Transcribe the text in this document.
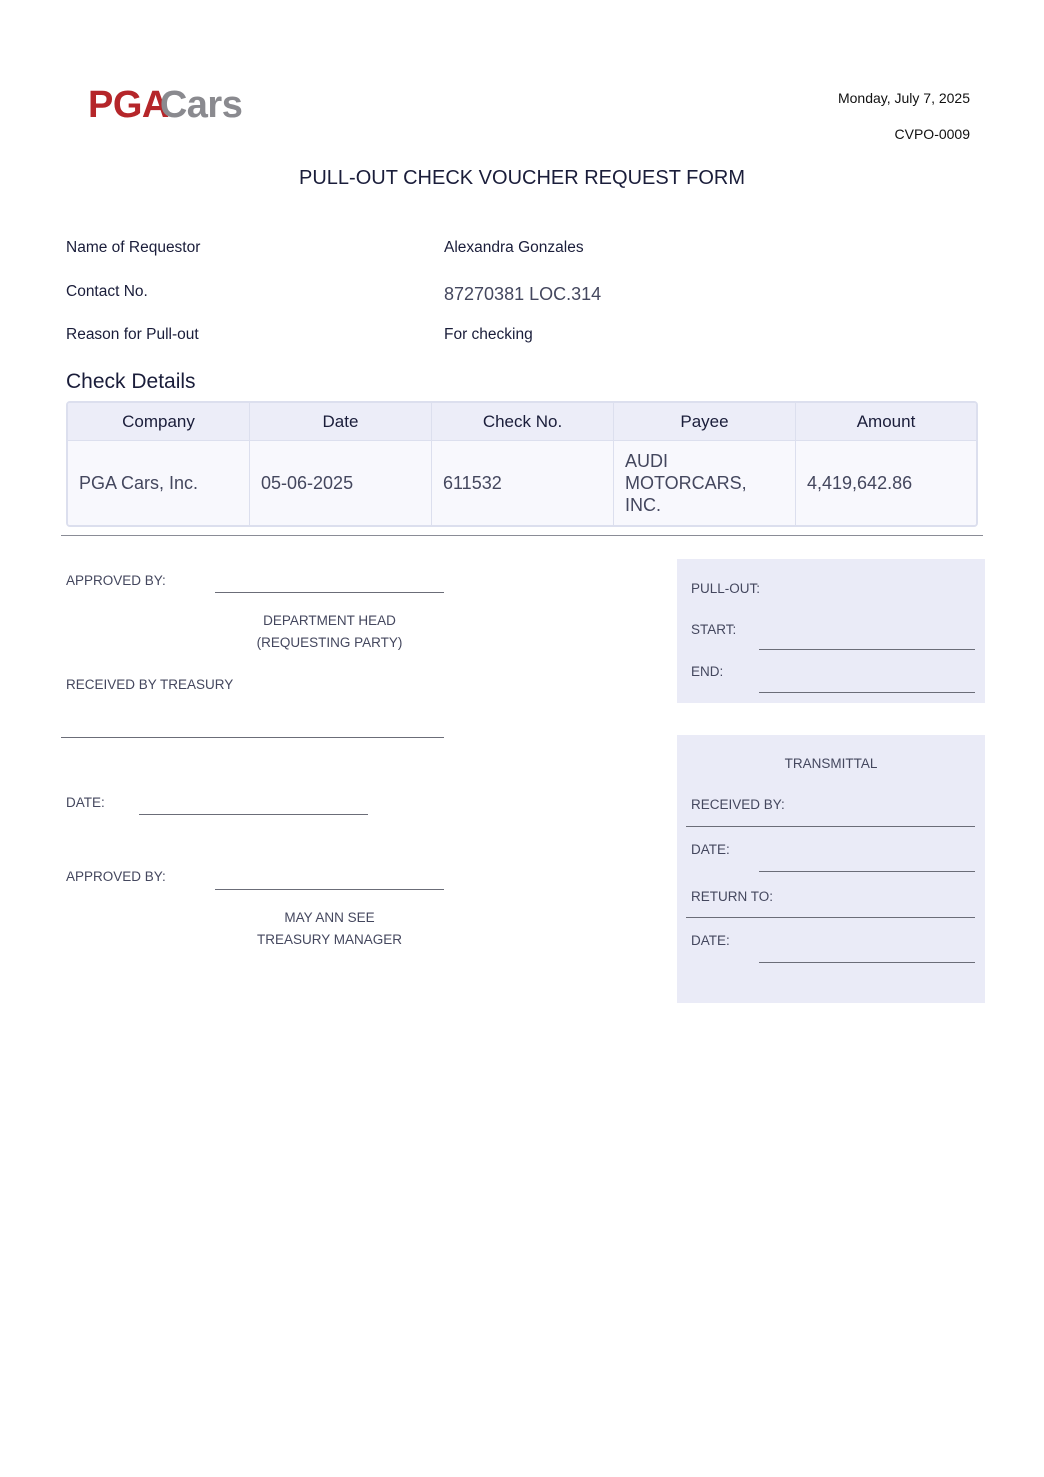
PGACars	Monday, July 7, 2025
CVPO-0009
PULL-OUT CHECK VOUCHER REQUEST FORM
Name of Requestor	Alexandra Gonzales
Contact No.	87270381 LOC.314
Reason for Pull-out	For checking
Check Details
Company	Date	Check No.	Payee	Amount
PGA Cars, Inc.	05-06-2025	611532	AUDI MOTORCARS, INC.	4,419,642.86
APPROVED BY:
DEPARTMENT HEAD
(REQUESTING PARTY)
RECEIVED BY TREASURY
DATE:
APPROVED BY:
MAY ANN SEE
TREASURY MANAGER
PULL-OUT:
START:
END:
TRANSMITTAL
RECEIVED BY:
DATE:
RETURN TO:
DATE:
